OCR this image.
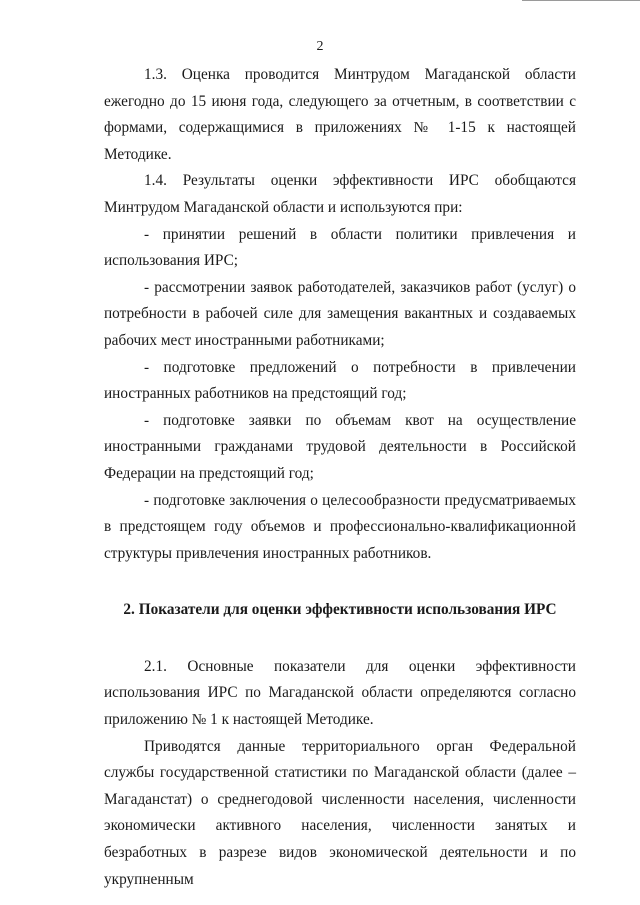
2

1.3. Оценка проводится Минтрудом Магаданской области ежегодно до 15 июня года, следующего за отчетным, в соответствии с формами, содержащимися в приложениях № 1-15 к настоящей Методике.

1.4. Результаты оценки эффективности ИРС обобщаются Минтрудом Магаданской области и используются при:

- принятии решений в области политики привлечения и использования ИРС;

- рассмотрении заявок работодателей, заказчиков работ (услуг) о потребности в рабочей силе для замещения вакантных и создаваемых рабочих мест иностранными работниками;

- подготовке предложений о потребности в привлечении иностранных работников на предстоящий год;

- подготовке заявки по объемам квот на осуществление иностранными гражданами трудовой деятельности в Российской Федерации на предстоящий год;

- подготовке заключения о целесообразности предусматриваемых в предстоящем году объемов и профессионально-квалификационной структуры привлечения иностранных работников.

2. Показатели для оценки эффективности использования ИРС

2.1. Основные показатели для оценки эффективности использования ИРС по Магаданской области определяются согласно приложению № 1 к настоящей Методике.

Приводятся данные территориального орган Федеральной службы государственной статистики по Магаданской области (далее – Магаданстат) о среднегодовой численности населения, численности экономически активного населения, численности занятых и безработных в разрезе видов экономической деятельности и по укрупненным
